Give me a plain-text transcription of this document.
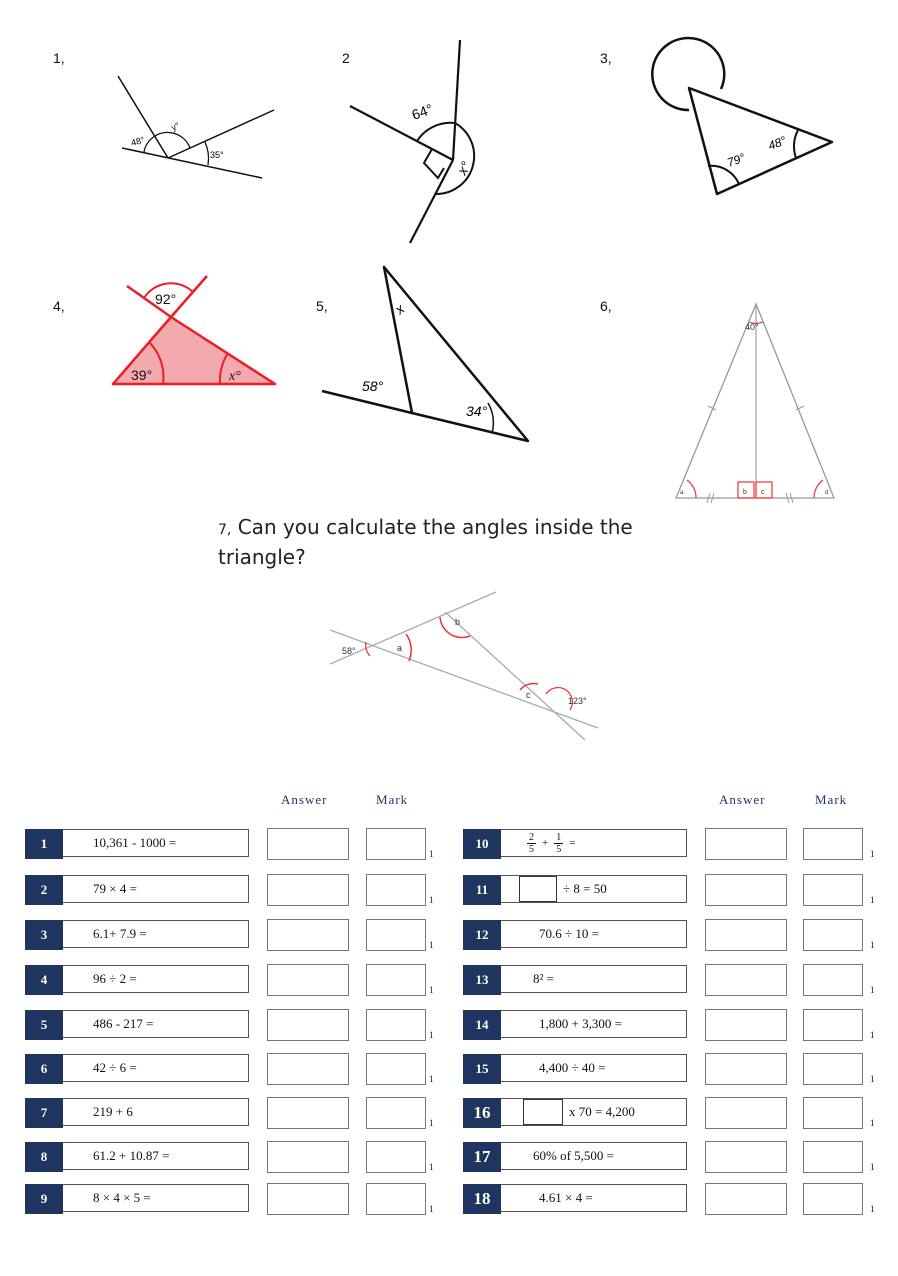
1,	2	3,
4,	5,	6,
48°
y°
35°
64°
x°	79°
48°
92°
39°	x°
x
58°
34°
40°
b c
a	d
7, Can you calculate the angles inside the triangle?
58°	a
b
c
123°
Answer	Mark	Answer	Mark
1	10,361 - 1000 =
1
2	79 × 4 =
1
3	6.1+ 7.9 =
1
4	96 ÷ 2 =
1
5	486 - 217 =
1
6	42 ÷ 6 =
1
7	219 + 6
1
8	61.2 + 10.87 =
1
9	8 × 4 × 5 =
1
10	$\frac{2}{5} + \frac{1}{5}$ =
1
11	÷ 8 = 50
1
12	70.6 ÷ 10 =
1
13	8² =
1
14	1,800 + 3,300 =
1
15	4,400 ÷ 40 =
1
16	x 70 = 4,200
1
17	60% of 5,500 =
1
18	4.61 × 4 =
1
